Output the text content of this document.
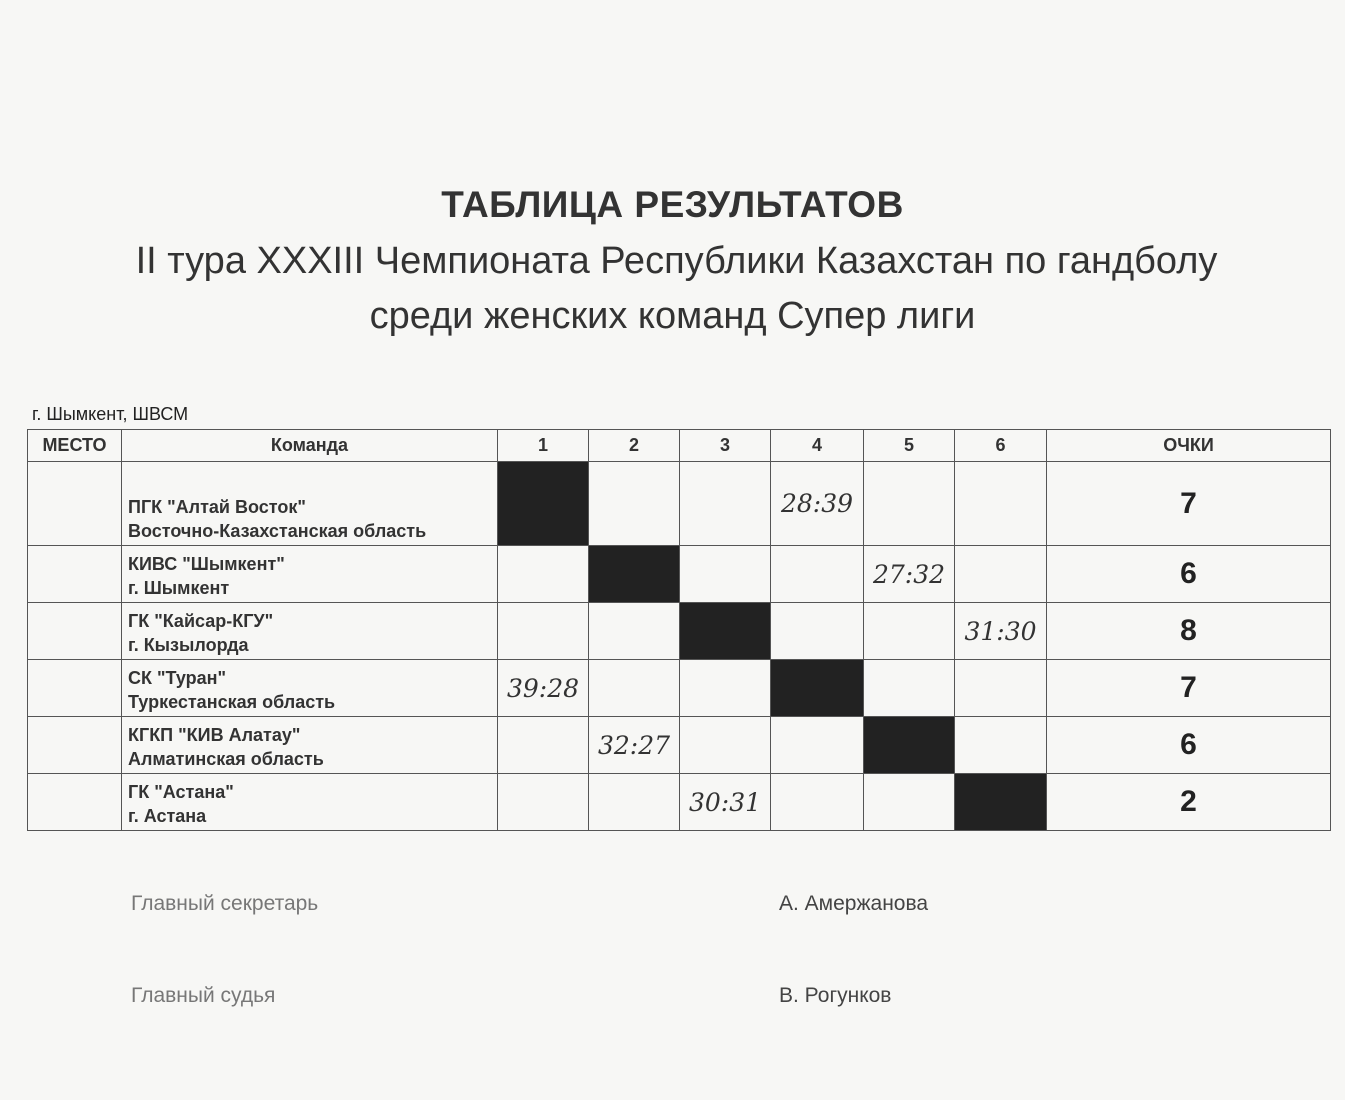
ТАБЛИЦА РЕЗУЛЬТАТОВ
II тура XXXIII Чемпионата Республики Казахстан по гандболу
среди женских команд Супер лиги
г. Шымкент, ШВСМ
МЕСТО	Команда	1	2	3	4	5	6	ОЧКИ

	ПГК "Алтай Восток"
Восточно-Казахстанская область				28:39			7

	КИВС "Шымкент"
г. Шымкент					27:32		6

	ГК "Кайсар-КГУ"
г. Кызылорда						31:30	8

	СК "Туран"
Туркестанская область	39:28						7

	КГКП "КИВ Алатау"
Алматинская область		32:27					6

	ГК "Астана"
г. Астана			30:31				2
Главный секретарь	А. Амержанова
Главный судья	В. Рогунков
